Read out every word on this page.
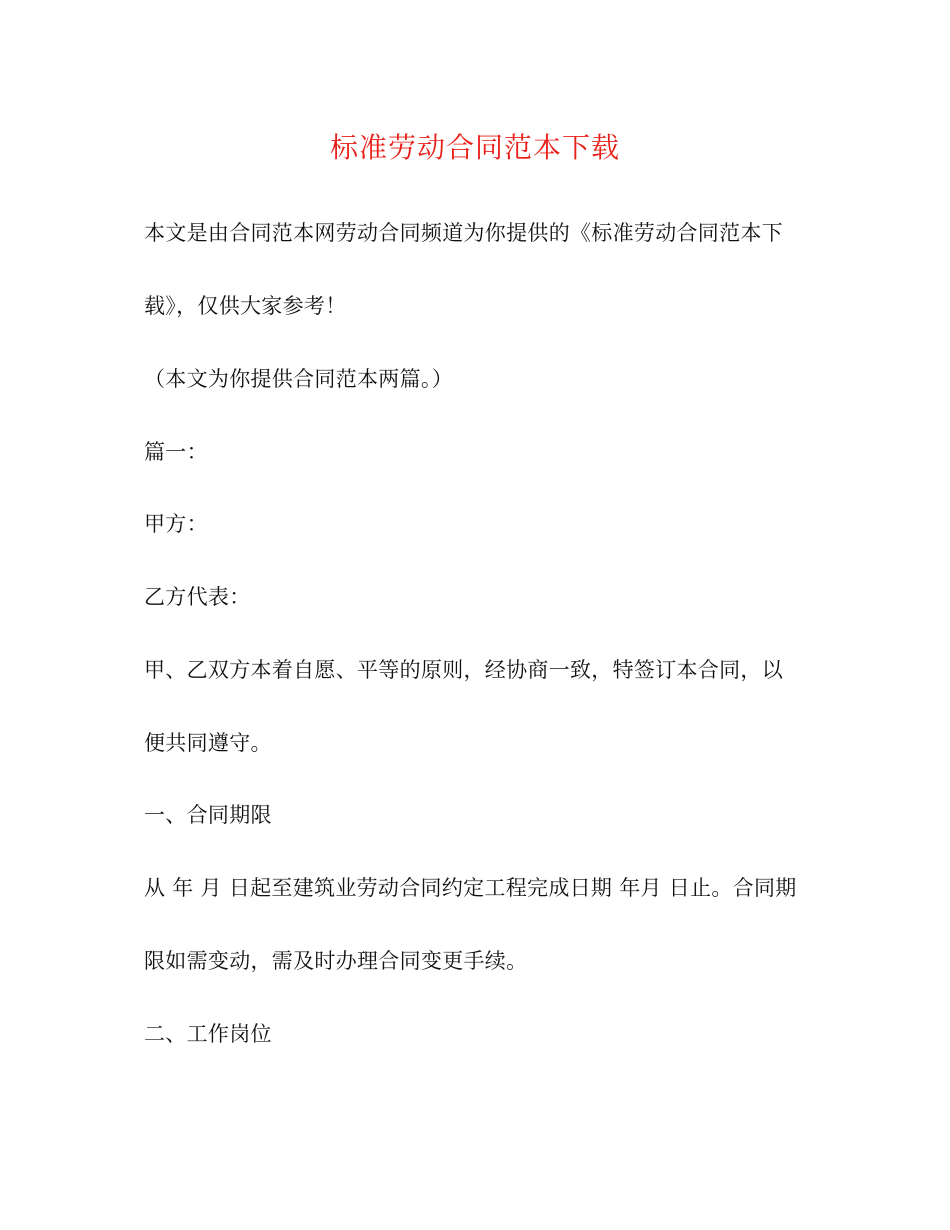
标准劳动合同范本下载
本文是由合同范本网劳动合同频道为你提供的《标准劳动合同范本下
载》，仅供大家参考！
（本文为你提供合同范本两篇。）
篇一：
甲方：
乙方代表：
甲、乙双方本着自愿、平等的原则，经协商一致，特签订本合同，以
便共同遵守。
一、合同期限
从 年 月 日起至建筑业劳动合同约定工程完成日期 年月 日止。合同期
限如需变动，需及时办理合同变更手续。
二、工作岗位
